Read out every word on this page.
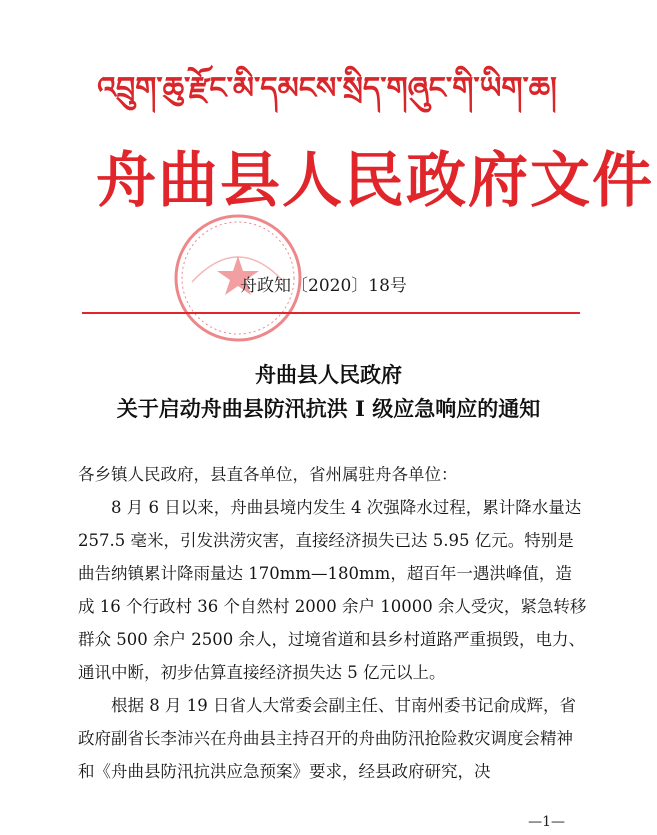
འབྲུག་ཆུ་རྫོང་མི་དམངས་སྲིད་གཞུང་གི་ཡིག་ཆ།
舟曲县人民政府文件
舟政知〔2020〕18号
舟曲县人民政府
关于启动舟曲县防汛抗洪 I 级应急响应的通知
各乡镇人民政府，县直各单位，省州属驻舟各单位：
8 月 6 日以来，舟曲县境内发生 4 次强降水过程，累计降水量达 257.5 毫米，引发洪涝灾害，直接经济损失已达 5.95 亿元。特别是曲告纳镇累计降雨量达 170mm—180mm，超百年一遇洪峰值，造成 16 个行政村 36 个自然村 2000 余户 10000 余人受灾，紧急转移群众 500 余户 2500 余人，过境省道和县乡村道路严重损毁，电力、通讯中断，初步估算直接经济损失达 5 亿元以上。
根据 8 月 19 日省人大常委会副主任、甘南州委书记俞成辉，省政府副省长李沛兴在舟曲县主持召开的舟曲防汛抢险救灾调度会精神和《舟曲县防汛抗洪应急预案》要求，经县政府研究，决
—1—
